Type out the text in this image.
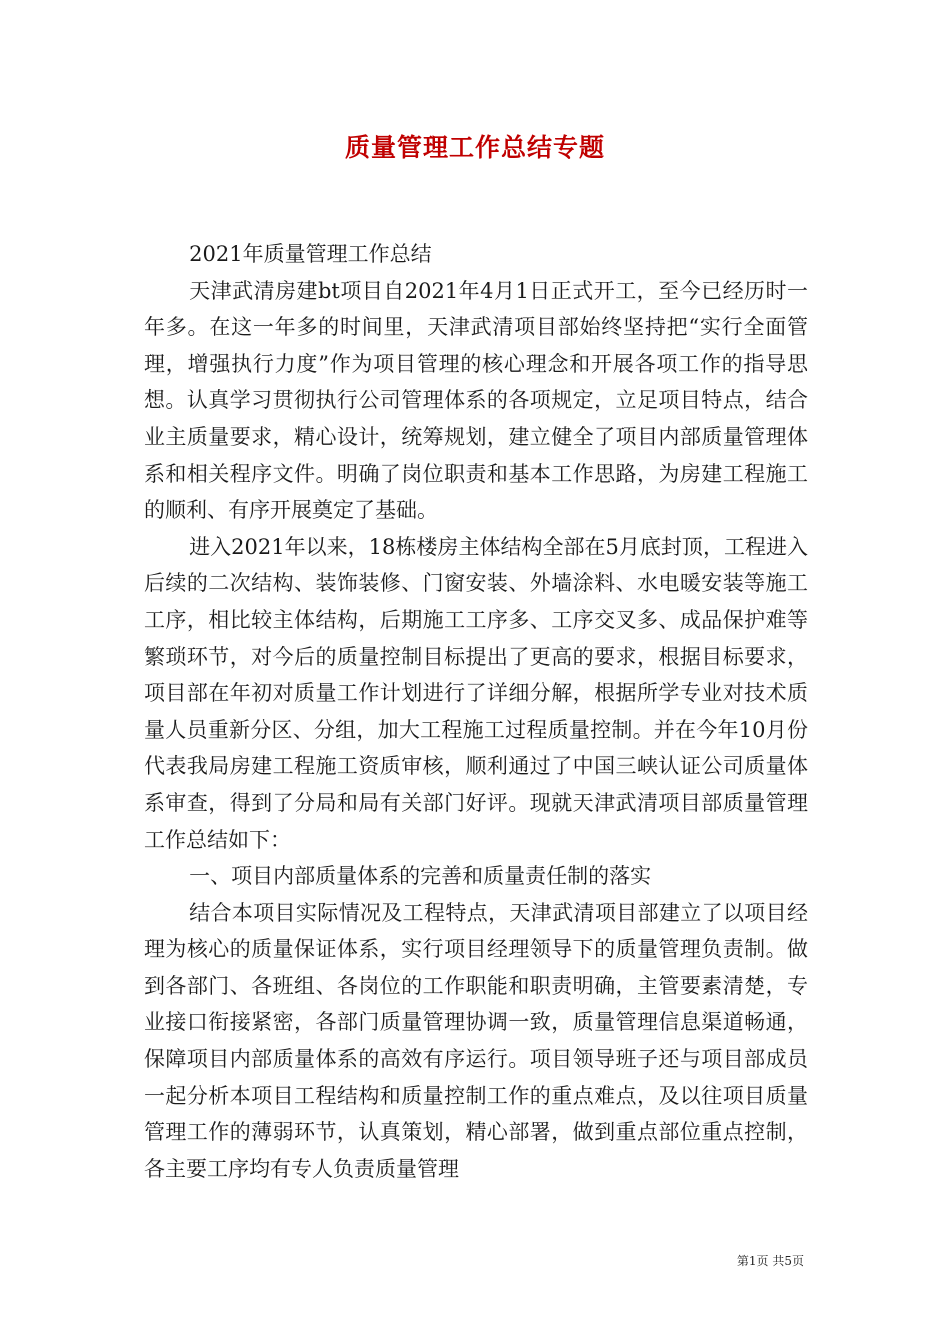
质量管理工作总结专题

2021年质量管理工作总结

天津武清房建bt项目自2021年4月1日正式开工，至今已经历时一年多。在这一年多的时间里，天津武清项目部始终坚持把“实行全面管理，增强执行力度”作为项目管理的核心理念和开展各项工作的指导思想。认真学习贯彻执行公司管理体系的各项规定，立足项目特点，结合业主质量要求，精心设计，统筹规划，建立健全了项目内部质量管理体系和相关程序文件。明确了岗位职责和基本工作思路，为房建工程施工的顺利、有序开展奠定了基础。

进入2021年以来，18栋楼房主体结构全部在5月底封顶，工程进入后续的二次结构、装饰装修、门窗安装、外墙涂料、水电暖安装等施工工序，相比较主体结构，后期施工工序多、工序交叉多、成品保护难等繁琐环节，对今后的质量控制目标提出了更高的要求，根据目标要求，项目部在年初对质量工作计划进行了详细分解，根据所学专业对技术质量人员重新分区、分组，加大工程施工过程质量控制。并在今年10月份代表我局房建工程施工资质审核，顺利通过了中国三峡认证公司质量体系审查，得到了分局和局有关部门好评。现就天津武清项目部质量管理工作总结如下：

一、项目内部质量体系的完善和质量责任制的落实

结合本项目实际情况及工程特点，天津武清项目部建立了以项目经理为核心的质量保证体系，实行项目经理领导下的质量管理负责制。做到各部门、各班组、各岗位的工作职能和职责明确，主管要素清楚，专业接口衔接紧密，各部门质量管理协调一致，质量管理信息渠道畅通，保障项目内部质量体系的高效有序运行。项目领导班子还与项目部成员一起分析本项目工程结构和质量控制工作的重点难点，及以往项目质量管理工作的薄弱环节，认真策划，精心部署，做到重点部位重点控制，各主要工序均有专人负责质量管理

第1页 共5页
